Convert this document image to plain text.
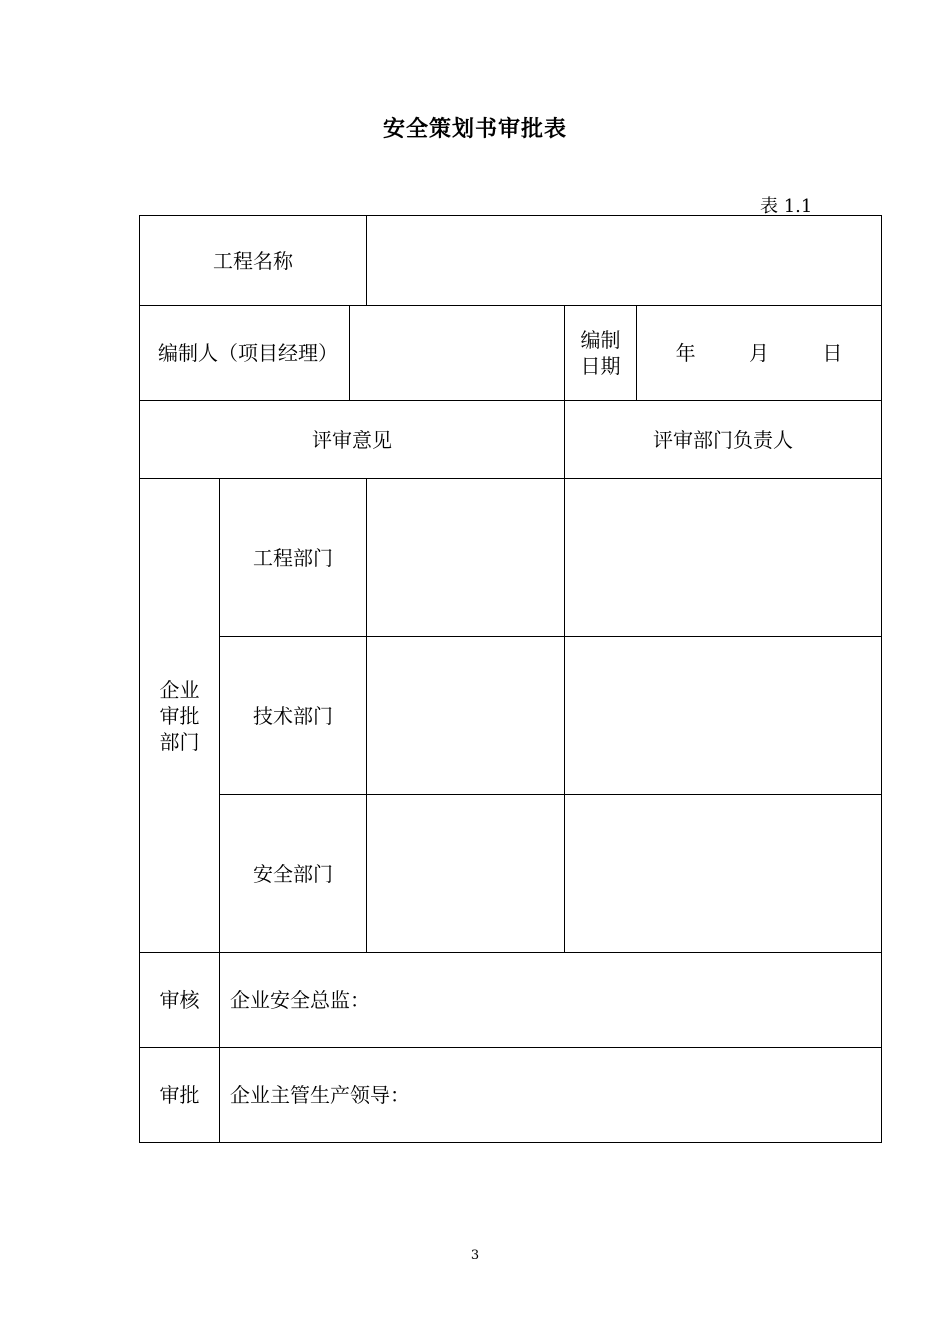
安全策划书审批表
表 1.1
工程名称					
编制人（项目经理）				编制日期	年 月 日

评审意见				评审部门负责人	
企业审批部门	工程部门				
	技术部门				
	安全部门				
审核	企业安全总监：				
审批	企业主管生产领导：				
3
